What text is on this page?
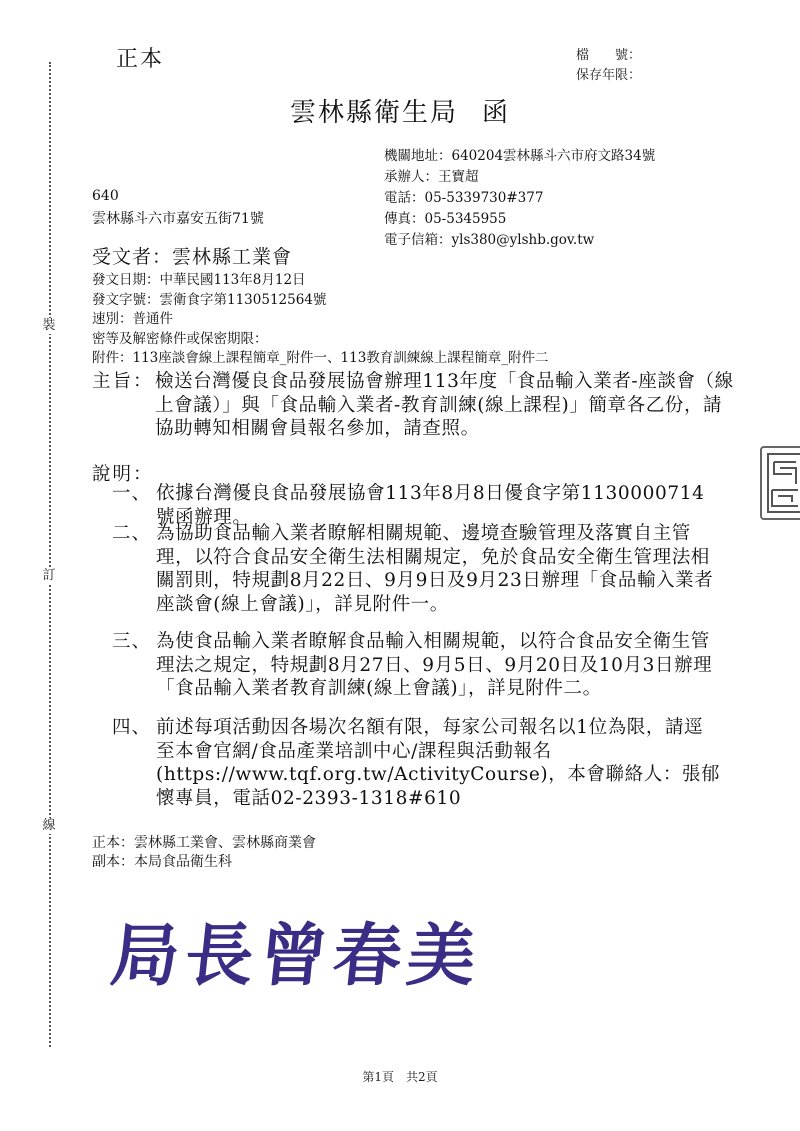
裝
訂
線
正本	檔　　號：
保存年限：
雲林縣衛生局 函
機關地址：640204雲林縣斗六市府文路34號
承辦人：王寶超
電話：05-5339730#377
傳真：05-5345955
電子信箱：yls380@ylshb.gov.tw
640
雲林縣斗六市嘉安五街71號
受文者：雲林縣工業會
發文日期：中華民國113年8月12日
發文字號：雲衛食字第1130512564號
速別：普通件
密等及解密條件或保密期限：
附件：113座談會線上課程簡章_附件一、113教育訓練線上課程簡章_附件二
主旨： 檢送台灣優良食品發展協會辦理113年度「食品輸入業者-座談會（線上會議）」與「食品輸入業者-教育訓練(線上課程)」簡章各乙份，請協助轉知相關會員報名參加，請查照。
說明：
一、 依據台灣優良食品發展協會113年8月8日優食字第1130000714號函辦理。
二、 為協助食品輸入業者瞭解相關規範、邊境查驗管理及落實自主管理，以符合食品安全衛生法相關規定，免於食品安全衛生管理法相關罰則，特規劃8月22日、9月9日及9月23日辦理「食品輸入業者座談會(線上會議)」，詳見附件一。
三、 為使食品輸入業者瞭解食品輸入相關規範，以符合食品安全衛生管理法之規定，特規劃8月27日、9月5日、9月20日及10月3日辦理「食品輸入業者教育訓練(線上會議)」，詳見附件二。
四、 前述每項活動因各場次名額有限，每家公司報名以1位為限，請逕至本會官網/食品產業培訓中心/課程與活動報名(https://www.tqf.org.tw/ActivityCourse)，本會聯絡人：張郁懷專員，電話02-2393-1318#610
正本：雲林縣工業會、雲林縣商業會
副本：本局食品衛生科
局長曾春美
第1頁　共2頁
